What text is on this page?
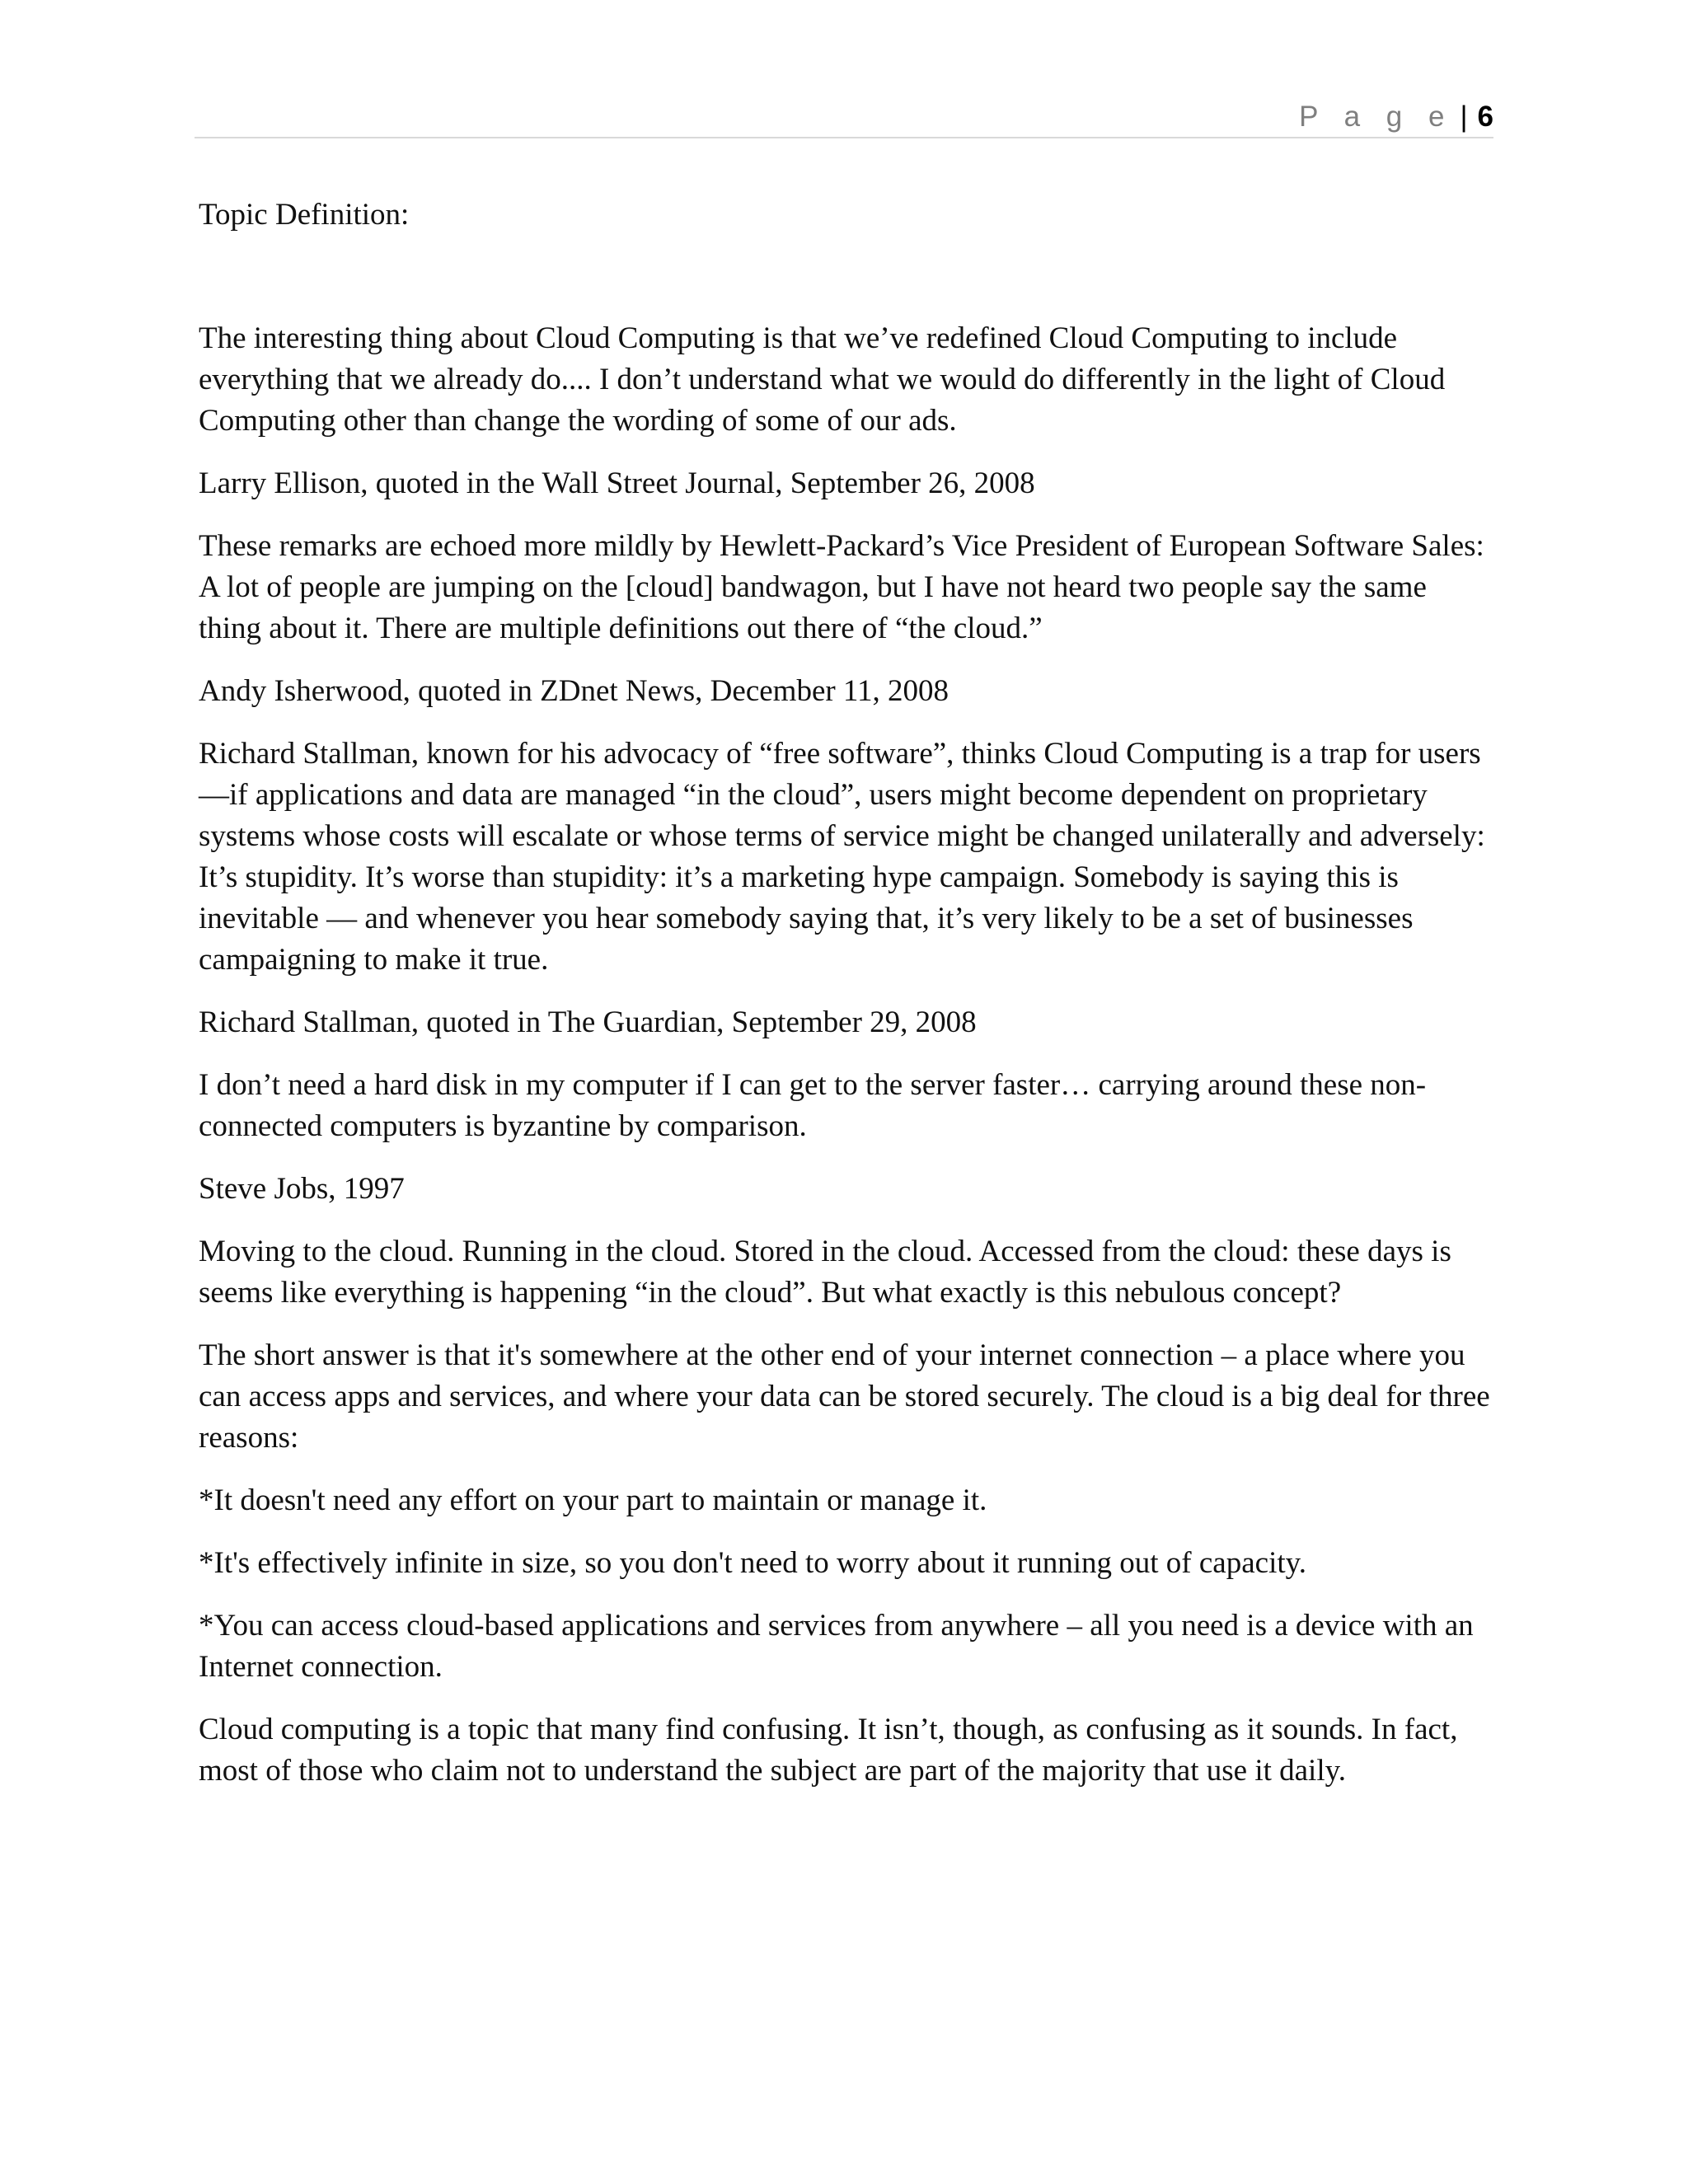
P a g e | 6

Topic Definition:

The interesting thing about Cloud Computing is that we’ve redefined Cloud Computing to include everything that we already do.... I don’t understand what we would do differently in the light of Cloud Computing other than change the wording of some of our ads.

Larry Ellison, quoted in the Wall Street Journal, September 26, 2008

These remarks are echoed more mildly by Hewlett-Packard’s Vice President of European Software Sales: A lot of people are jumping on the [cloud] bandwagon, but I have not heard two people say the same thing about it. There are multiple definitions out there of “the cloud.”

Andy Isherwood, quoted in ZDnet News, December 11, 2008

Richard Stallman, known for his advocacy of “free software”, thinks Cloud Computing is a trap for users—if applications and data are managed “in the cloud”, users might become dependent on proprietary systems whose costs will escalate or whose terms of service might be changed unilaterally and adversely: It’s stupidity. It’s worse than stupidity: it’s a marketing hype campaign. Somebody is saying this is inevitable — and whenever you hear somebody saying that, it’s very likely to be a set of businesses campaigning to make it true.

Richard Stallman, quoted in The Guardian, September 29, 2008

I don’t need a hard disk in my computer if I can get to the server faster… carrying around these non- connected computers is byzantine by comparison.

Steve Jobs, 1997

Moving to the cloud. Running in the cloud. Stored in the cloud. Accessed from the cloud: these days is seems like everything is happening “in the cloud”. But what exactly is this nebulous concept?

The short answer is that it's somewhere at the other end of your internet connection – a place where you can access apps and services, and where your data can be stored securely. The cloud is a big deal for three reasons:

*It doesn't need any effort on your part to maintain or manage it.

*It's effectively infinite in size, so you don't need to worry about it running out of capacity.

*You can access cloud-based applications and services from anywhere – all you need is a device with an Internet connection.

Cloud computing is a topic that many find confusing. It isn’t, though, as confusing as it sounds. In fact, most of those who claim not to understand the subject are part of the majority that use it daily.
